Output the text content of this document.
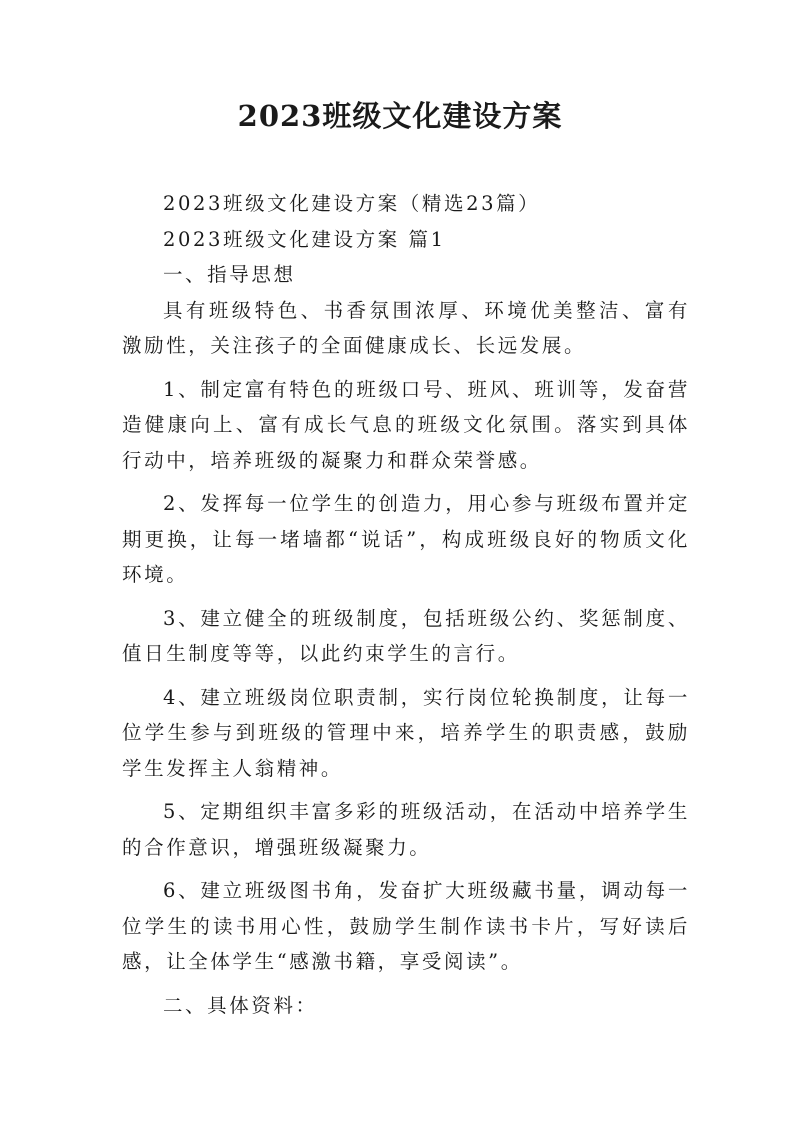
2023班级文化建设方案

2023班级文化建设方案（精选23篇）

2023班级文化建设方案 篇1

一、指导思想

具有班级特色、书香氛围浓厚、环境优美整洁、富有激励性，关注孩子的全面健康成长、长远发展。

1、制定富有特色的班级口号、班风、班训等，发奋营造健康向上、富有成长气息的班级文化氛围。落实到具体行动中，培养班级的凝聚力和群众荣誉感。

2、发挥每一位学生的创造力，用心参与班级布置并定期更换，让每一堵墙都“说话”，构成班级良好的物质文化环境。

3、建立健全的班级制度，包括班级公约、奖惩制度、值日生制度等等，以此约束学生的言行。

4、建立班级岗位职责制，实行岗位轮换制度，让每一位学生参与到班级的管理中来，培养学生的职责感，鼓励学生发挥主人翁精神。

5、定期组织丰富多彩的班级活动，在活动中培养学生的合作意识，增强班级凝聚力。

6、建立班级图书角，发奋扩大班级藏书量，调动每一位学生的读书用心性，鼓励学生制作读书卡片，写好读后感，让全体学生“感激书籍，享受阅读”。

二、具体资料：
